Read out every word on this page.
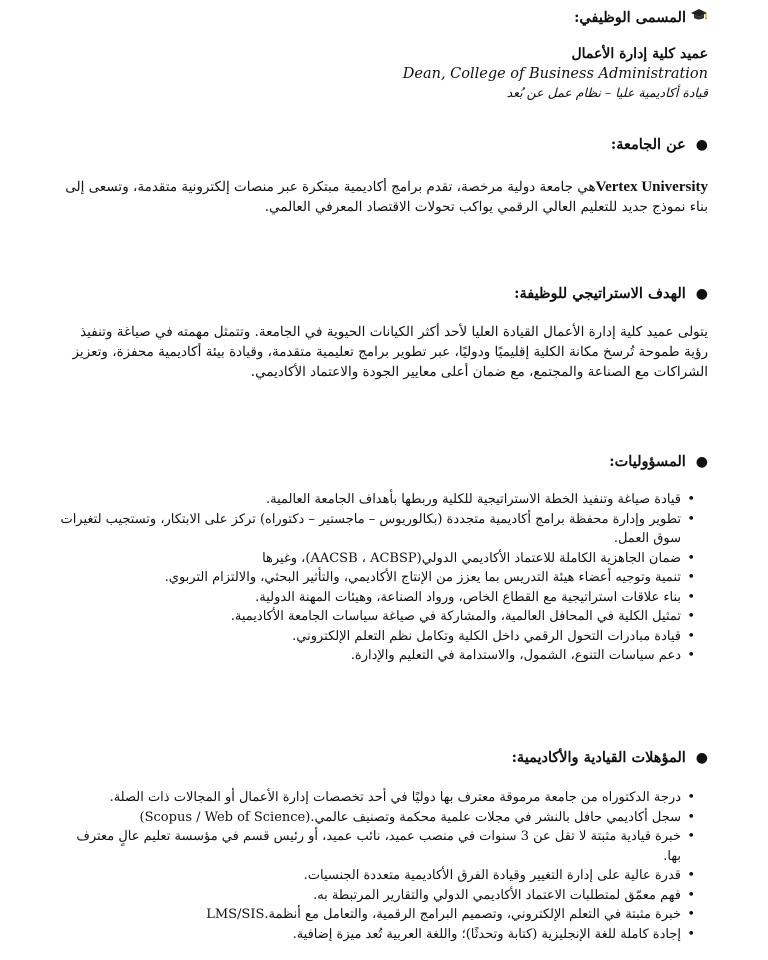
المسمى الوظيفي:
عميد كلية إدارة الأعمال
Dean, College of Business Administration
قيادة أكاديمية عليا – نظام عمل عن بُعد
●عن الجامعة:
Vertex Universityهي جامعة دولية مرخصة، تقدم برامج أكاديمية مبتكرة عبر منصات إلكترونية متقدمة، وتسعى إلى بناء نموذج جديد للتعليم العالي الرقمي يواكب تحولات الاقتصاد المعرفي العالمي.
●الهدف الاستراتيجي للوظيفة:
يتولى عميد كلية إدارة الأعمال القيادة العليا لأحد أكثر الكيانات الحيوية في الجامعة. وتتمثل مهمته في صياغة وتنفيذ رؤية طموحة تُرسخ مكانة الكلية إقليميًا ودوليًا، عبر تطوير برامج تعليمية متقدمة، وقيادة بيئة أكاديمية محفزة، وتعزيز الشراكات مع الصناعة والمجتمع، مع ضمان أعلى معايير الجودة والاعتماد الأكاديمي.
●المسؤوليات:
• قيادة صياغة وتنفيذ الخطة الاستراتيجية للكلية وربطها بأهداف الجامعة العالمية.
• تطوير وإدارة محفظة برامج أكاديمية متجددة (بكالوريوس – ماجستير – دكتوراه) تركز على الابتكار، وتستجيب لتغيرات سوق العمل.
• ضمان الجاهزية الكاملة للاعتماد الأكاديمي الدولي(AACSB ، ACBSP)، وغيرها
• تنمية وتوجيه أعضاء هيئة التدريس بما يعزز من الإنتاج الأكاديمي، والتأثير البحثي، والالتزام التربوي.
• بناء علاقات استراتيجية مع القطاع الخاص، ورواد الصناعة، وهيئات المهنة الدولية.
• تمثيل الكلية في المحافل العالمية، والمشاركة في صياغة سياسات الجامعة الأكاديمية.
• قيادة مبادرات التحول الرقمي داخل الكلية وتكامل نظم التعلم الإلكتروني.
• دعم سياسات التنوع، الشمول، والاستدامة في التعليم والإدارة.
●المؤهلات القيادية والأكاديمية:
• درجة الدكتوراه من جامعة مرموقة معترف بها دوليًا في أحد تخصصات إدارة الأعمال أو المجالات ذات الصلة.
• سجل أكاديمي حافل بالنشر في مجلات علمية محكمة وتصنيف عالمي.(Scopus / Web of Science)
• خبرة قيادية مثبتة لا تقل عن 3 سنوات في منصب عميد، نائب عميد، أو رئيس قسم في مؤسسة تعليم عالٍ معترف بها.
• قدرة عالية على إدارة التغيير وقيادة الفرق الأكاديمية متعددة الجنسيات.
• فهم معمّق لمتطلبات الاعتماد الأكاديمي الدولي والتقارير المرتبطة به.
• خبرة مثبتة في التعلم الإلكتروني، وتصميم البرامج الرقمية، والتعامل مع أنظمة.LMS/SIS
• إجادة كاملة للغة الإنجليزية (كتابة وتحدثًا)؛ واللغة العربية تُعد ميزة إضافية.
